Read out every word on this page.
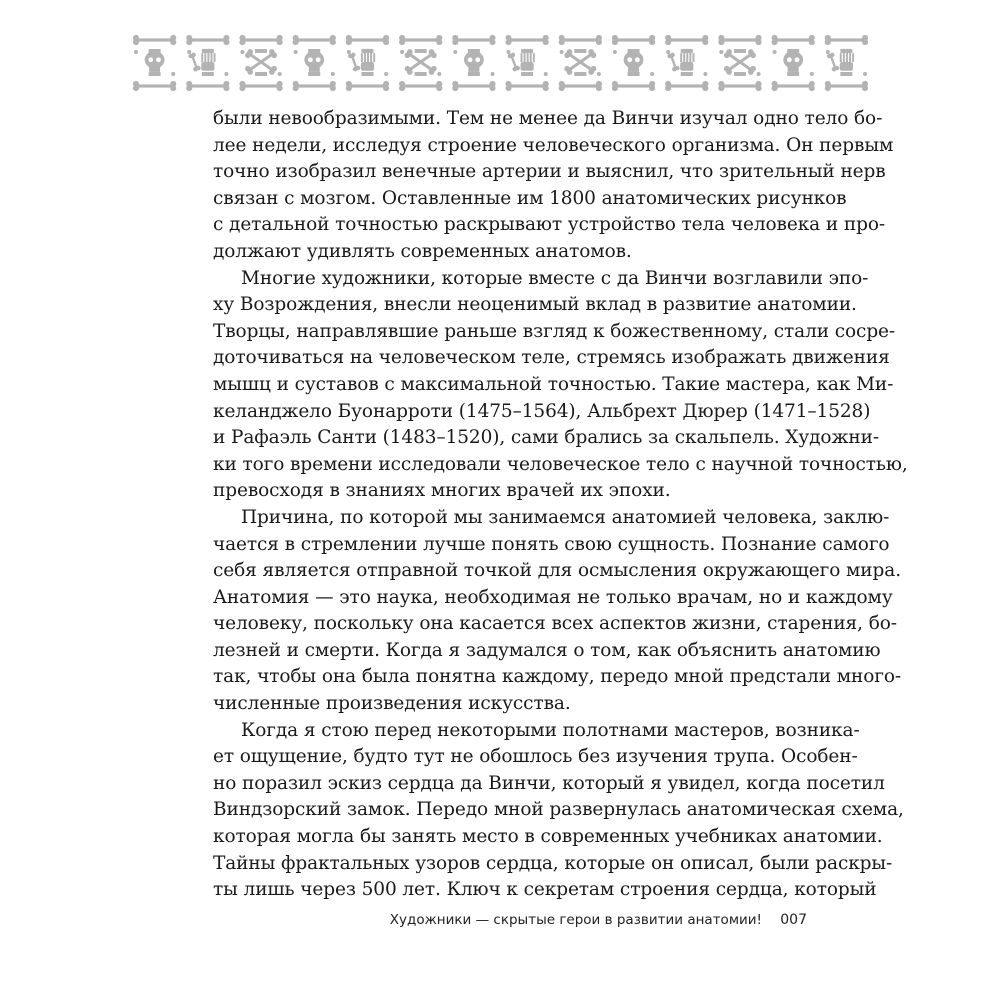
были невообразимыми. Тем не менее да Винчи изучал одно тело бо-
лее недели, исследуя строение человеческого организма. Он первым
точно изобразил венечные артерии и выяснил, что зрительный нерв
связан с мозгом. Оставленные им 1800 анатомических рисунков
с детальной точностью раскрывают устройство тела человека и про-
должают удивлять современных анатомов.
Многие художники, которые вместе с да Винчи возглавили эпо-
ху Возрождения, внесли неоценимый вклад в развитие анатомии.
Творцы, направлявшие раньше взгляд к божественному, стали сосре-
доточиваться на человеческом теле, стремясь изображать движения
мышц и суставов с максимальной точностью. Такие мастера, как Ми-
келанджело Буонарроти (1475–1564), Альбрехт Дюрер (1471–1528)
и Рафаэль Санти (1483–1520), сами брались за скальпель. Художни-
ки того времени исследовали человеческое тело с научной точностью,
превосходя в знаниях многих врачей их эпохи.
Причина, по которой мы занимаемся анатомией человека, заклю-
чается в стремлении лучше понять свою сущность. Познание самого
себя является отправной точкой для осмысления окружающего мира.
Анатомия — это наука, необходимая не только врачам, но и каждому
человеку, поскольку она касается всех аспектов жизни, старения, бо-
лезней и смерти. Когда я задумался о том, как объяснить анатомию
так, чтобы она была понятна каждому, передо мной предстали много-
численные произведения искусства.
Когда я стою перед некоторыми полотнами мастеров, возника-
ет ощущение, будто тут не обошлось без изучения трупа. Особен-
но поразил эскиз сердца да Винчи, который я увидел, когда посетил
Виндзорский замок. Передо мной развернулась анатомическая схема,
которая могла бы занять место в современных учебниках анатомии.
Тайны фрактальных узоров сердца, которые он описал, были раскры-
ты лишь через 500 лет. Ключ к секретам строения сердца, который
Художники — скрытые герои в развитии анатомии! 007
